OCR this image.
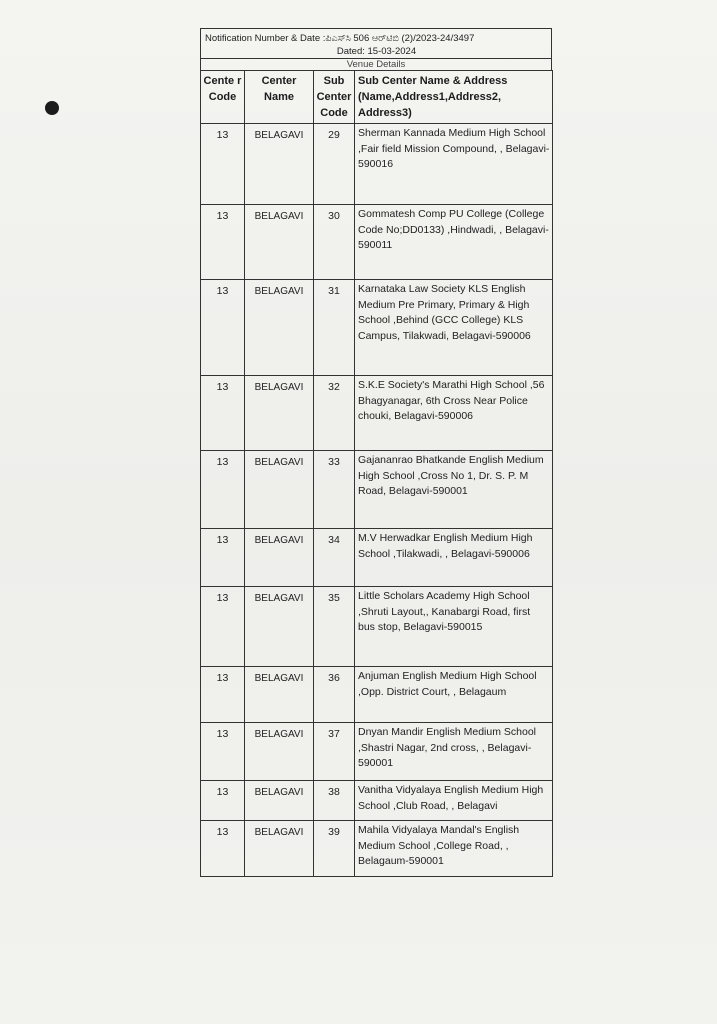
Notification Number & Date :ಪಿಎಸ್‌ಸಿ 506 ಆರ್‌ಟಿಬಿ (2)/2023-24/3497
Dated: 15-03-2024
Venue Details
Cente r Code	Center Name	Sub Center Code	Sub Center Name & Address (Name,Address1,Address2, Address3)
13	BELAGAVI	29	Sherman Kannada Medium High School ,Fair field Mission Compound, , Belagavi-590016
13	BELAGAVI	30	Gommatesh Comp PU College (College Code No;DD0133) ,Hindwadi, , Belagavi-590011
13	BELAGAVI	31	Karnataka Law Society KLS English Medium Pre Primary, Primary & High School ,Behind (GCC College) KLS Campus, Tilakwadi, Belagavi-590006
13	BELAGAVI	32	S.K.E Society's Marathi High School ,56 Bhagyanagar, 6th Cross Near Police chouki, Belagavi-590006
13	BELAGAVI	33	Gajananrao Bhatkande English Medium High School ,Cross No 1, Dr. S. P. M Road, Belagavi-590001
13	BELAGAVI	34	M.V Herwadkar English Medium High School ,Tilakwadi, , Belagavi-590006
13	BELAGAVI	35	Little Scholars Academy High School ,Shruti Layout,, Kanabargi Road, first bus stop, Belagavi-590015
13	BELAGAVI	36	Anjuman English Medium High School ,Opp. District Court, , Belagaum
13	BELAGAVI	37	Dnyan Mandir English Medium School ,Shastri Nagar, 2nd cross, , Belagavi-590001
13	BELAGAVI	38	Vanitha Vidyalaya English Medium High School ,Club Road, , Belagavi
13	BELAGAVI	39	Mahila Vidyalaya Mandal's English Medium School ,College Road, , Belagaum-590001
